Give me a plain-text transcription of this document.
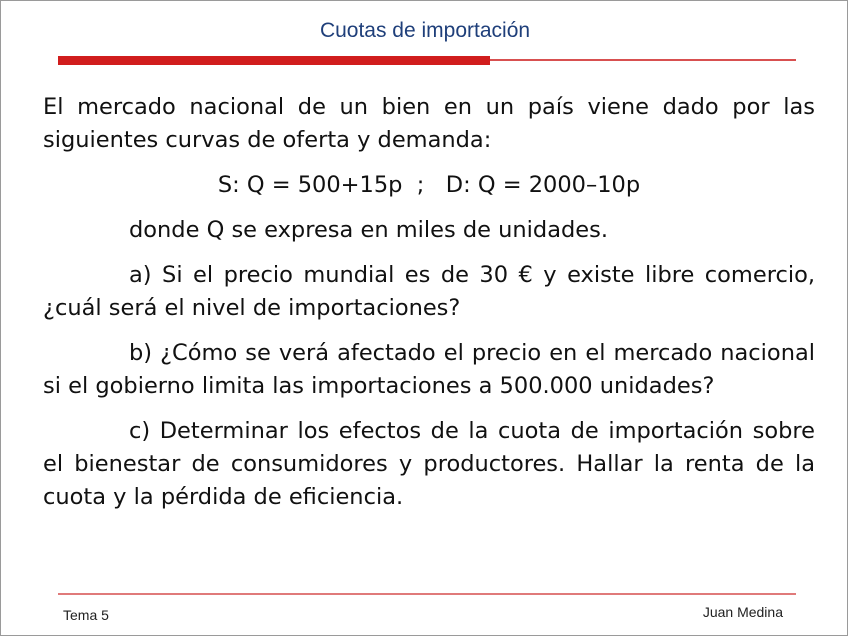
Cuotas de importación

El mercado nacional de un bien en un país viene dado por las siguientes curvas de oferta y demanda:

S: Q = 500+15p  ;   D: Q = 2000–10p

donde Q se expresa en miles de unidades.

a) Si el precio mundial es de 30 € y existe libre comercio, ¿cuál será el nivel de importaciones?

b) ¿Cómo se verá afectado el precio en el mercado nacional si el gobierno limita las importaciones a 500.000 unidades?

c) Determinar los efectos de la cuota de importación sobre el bienestar de consumidores y productores. Hallar la renta de la cuota y la pérdida de eficiencia.

Tema 5	Juan Medina
